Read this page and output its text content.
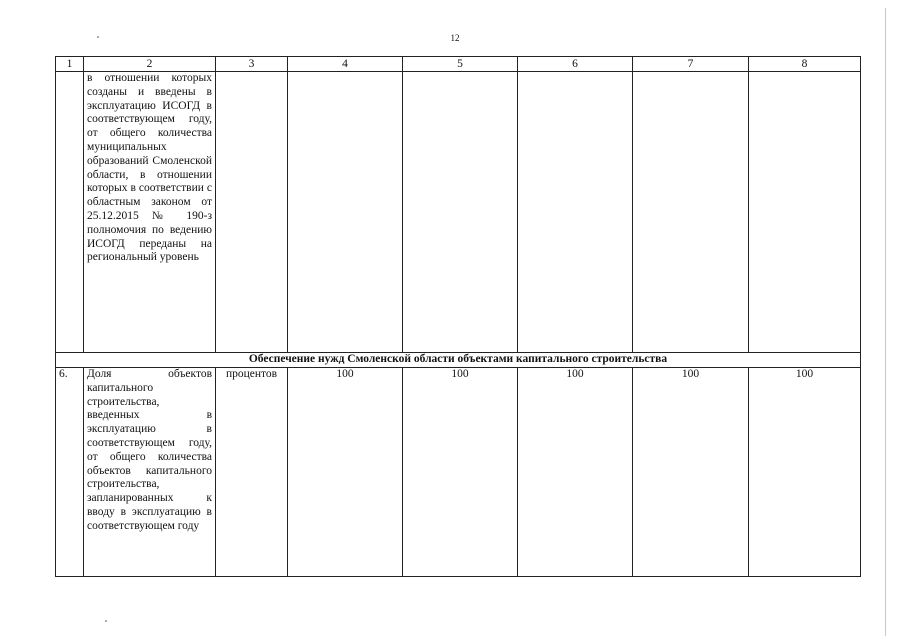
12
1	2	3	4	5	6	7	8
	в отношении которых созданы и введены в эксплуатацию ИСОГД в соответствующем году, от общего количества муниципальных образований Смоленской области, в отношении которых в соответствии с областным законом от 25.12.2015 № 190-з полномочия по ведению ИСОГД переданы на региональный уровень						
Обеспечение нужд Смоленской области объектами капитального строительства							
6.	Доля объектов капитального строительства, введенных в эксплуатацию в соответствующем году, от общего количества объектов капитального строительства, запланированных к вводу в эксплуатацию в соответствующем году	процентов	100	100	100	100	100
